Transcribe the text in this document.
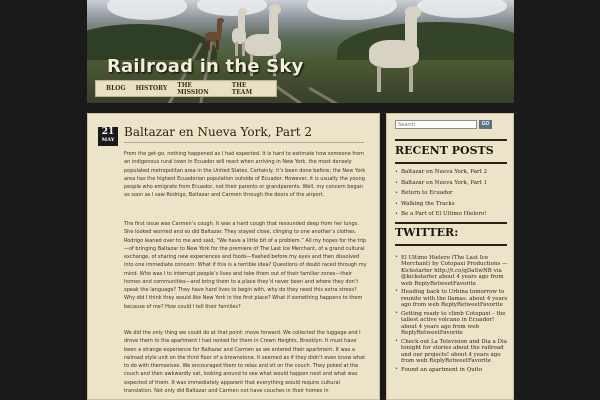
Railroad in the Sky
BLOG HISTORY THE MISSION
THE TEAM
21
MAY
Baltazar en Nueva York, Part 2

From the get-go, nothing happened as I had expected. It is hard to estimate how someone from an indigenous rural town in Ecuador will react when arriving in New York, the most densely populated metropolitan area in the United States. Certainly, it’s been done before; the New York area has the highest Ecuadorian population outside of Ecuador. However, it is usually the young people who emigrate from Ecuador, not their parents or grandparents. Well, my concern began as soon as I saw Rodrigo, Baltazar and Carmen through the doors of the airport.

The first issue was Carmen’s cough. It was a hard cough that resounded deep from her lungs. She looked worried and so did Baltazar. They stayed close, clinging to one another’s clothes. Rodrigo leaned over to me and said, “We have a little bit of a problem.” All my hopes for the trip—of bringing Baltazar to New York for the premiere of The Last Ice Merchant, of a grand cultural exchange, of sharing new experiences and foods—flashed before my eyes and then dissolved into one immediate concern: What if this is a terrible idea? Questions of doubt raced through my mind. Who was I to interrupt people’s lives and take them out of their familiar zones—their homes and communities—and bring them to a place they’d never been and where they don’t speak the language? They have hard lives to begin with, why do they need this extra stress? Why did I think they would like New York in the first place? What if something happens to them because of me? How could I tell their families?

We did the only thing we could do at that point: move forward. We collected the luggage and I drove them to the apartment I had rented for them in Crown Heights, Brooklyn. It must have been a strange experience for Baltazar and Carmen as we entered their apartment. It was a railroad style unit on the third floor of a brownstone. It seemed as if they didn’t even know what to do with themselves. We encouraged them to relax and sit on the couch. They poked at the couch and then awkwardly sat, looking around to see what would happen next and what was expected of them. It was immediately apparent that everything would require cultural translation. Not only did Baltazar and Carmen not have couches in their homes in

Search
GO
RECENT POSTS
• Baltazar en Nueva York, Part 2
• Baltazar en Nueva York, Part 1
• Return to Ecuador
• Walking the Tracks
• Be a Part of El Ultimo Hielero!
TWITTER:
• El Ultimo Hielero (The Last Ice Merchant) by Cotopaxi Productions — Kickstarter http://t.co/qDaSwNB via @kickstarter about 4 years ago from web ReplyRetweetFavorite
• Heading back to Urbina tomorrow to reunite with the llamas. about 4 years ago from web ReplyRetweetFavorite
• Getting ready to climb Cotopaxi – the tallest active volcano in Ecuador! about 4 years ago from web ReplyRetweetFavorite
• Check out La Television and Dia a Dia tonight for stories about the railroad and our projects! about 4 years ago from web ReplyRetweetFavorite
• Found an apartment in Quito
